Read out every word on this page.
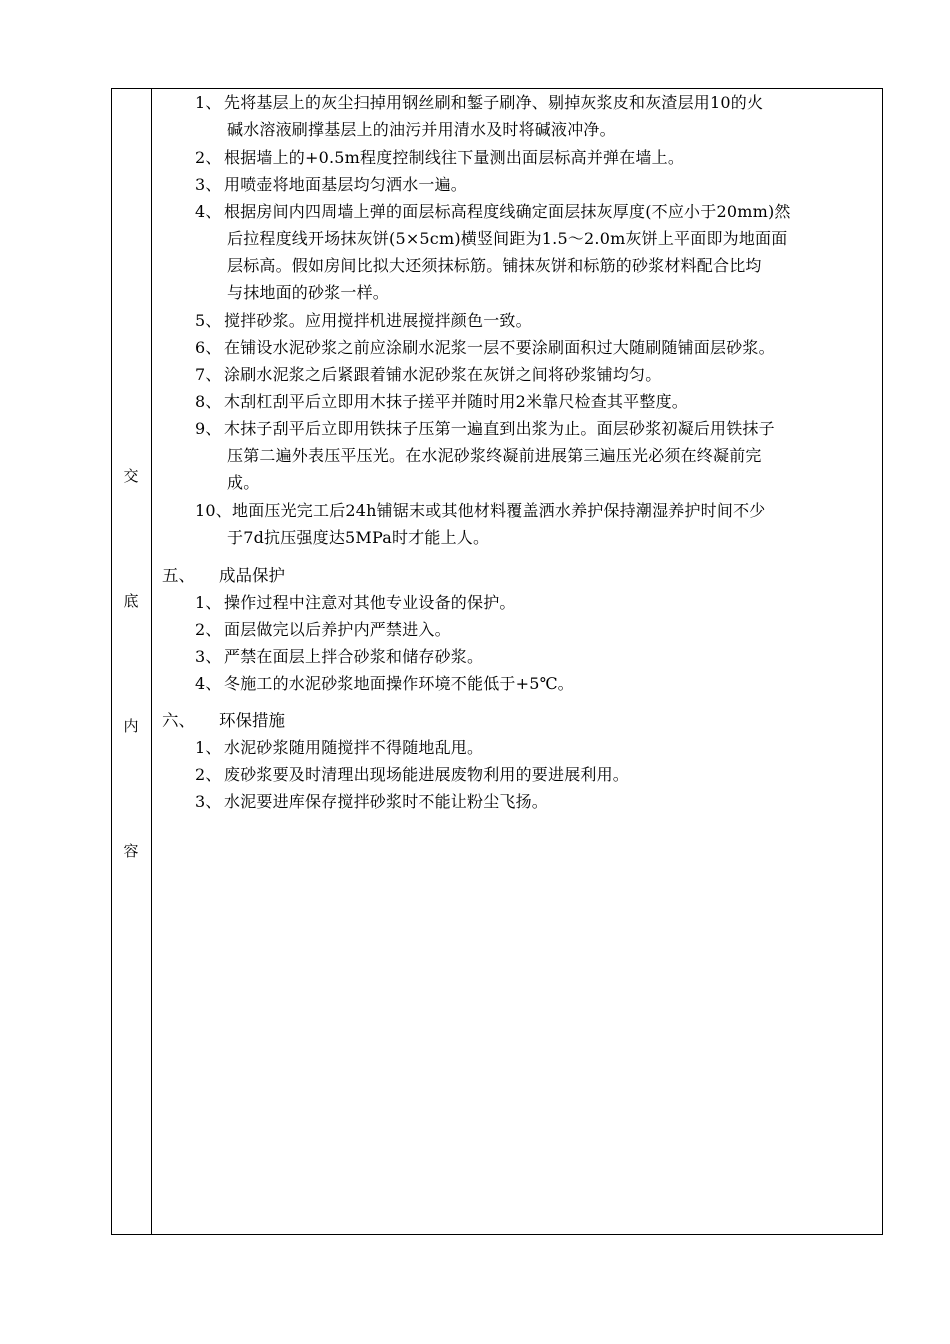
交
底
内
容
1、 先将基层上的灰尘扫掉用钢丝刷和錾子刷净、剔掉灰浆皮和灰渣层用10的火
碱水溶液刷撑基层上的油污并用清水及时将碱液冲净。
2、 根据墙上的+0.5m程度控制线往下量测出面层标高并弹在墙上。
3、 用喷壶将地面基层均匀洒水一遍。
4、 根据房间内四周墙上弹的面层标高程度线确定面层抹灰厚度(不应小于20mm)然
后拉程度线开场抹灰饼(5×5cm)横竖间距为1.5～2.0m灰饼上平面即为地面面
层标高。假如房间比拟大还须抹标筋。铺抹灰饼和标筋的砂浆材料配合比均
与抹地面的砂浆一样。
5、 搅拌砂浆。应用搅拌机进展搅拌颜色一致。
6、 在铺设水泥砂浆之前应涂刷水泥浆一层不要涂刷面积过大随刷随铺面层砂浆。
7、 涂刷水泥浆之后紧跟着铺水泥砂浆在灰饼之间将砂浆铺均匀。
8、 木刮杠刮平后立即用木抹子搓平并随时用2米靠尺检查其平整度。
9、 木抹子刮平后立即用铁抹子压第一遍直到出浆为止。面层砂浆初凝后用铁抹子
压第二遍外表压平压光。在水泥砂浆终凝前进展第三遍压光必须在终凝前完
成。
10、 地面压光完工后24h铺锯末或其他材料覆盖洒水养护保持潮湿养护时间不少
于7d抗压强度达5MPa时才能上人。
五、 成品保护
1、 操作过程中注意对其他专业设备的保护。
2、 面层做完以后养护内严禁进入。
3、 严禁在面层上拌合砂浆和储存砂浆。
4、 冬施工的水泥砂浆地面操作环境不能低于+5℃。
六、 环保措施
1、 水泥砂浆随用随搅拌不得随地乱甩。
2、 废砂浆要及时清理出现场能进展废物利用的要进展利用。
3、 水泥要进库保存搅拌砂浆时不能让粉尘飞扬。
